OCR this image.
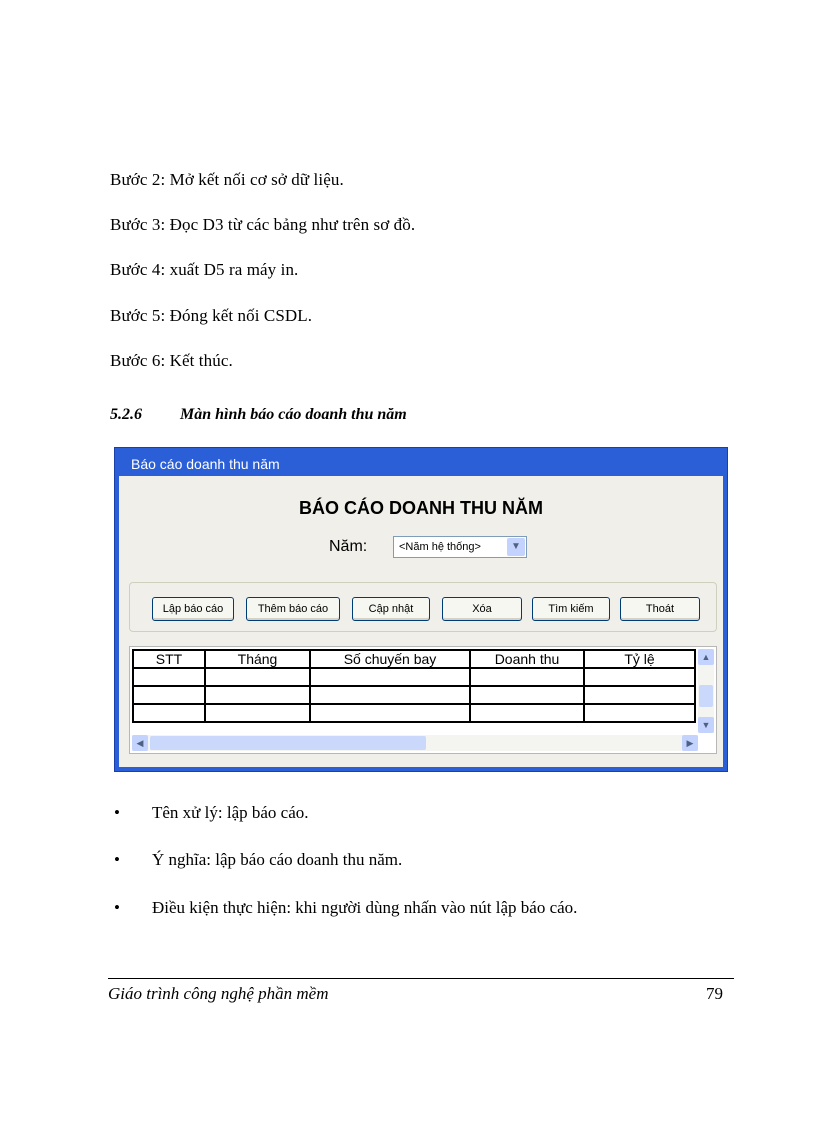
Bước 2: Mở kết nối cơ sở dữ liệu.
Bước 3: Đọc D3 từ các bảng như trên sơ đồ.
Bước 4: xuất D5 ra máy in.
Bước 5: Đóng kết nối CSDL.
Bước 6: Kết thúc.
5.2.6 Màn hình báo cáo doanh thu năm
Báo cáo doanh thu năm
BÁO CÁO DOANH THU NĂM
Năm:	<Năm hệ thống>	▼
Lập báo cáo	Thêm báo cáo	Cập nhật	Xóa	Tìm kiếm	Thoát
STT	Tháng	Số chuyến bay	Doanh thu	Tỷ lệ

					▲
▼
◀	▶
• Tên xử lý: lập báo cáo.
• Ý nghĩa: lập báo cáo doanh thu năm.
• Điều kiện thực hiện: khi người dùng nhấn vào nút lập báo cáo.
Giáo trình công nghệ phần mềm	79
